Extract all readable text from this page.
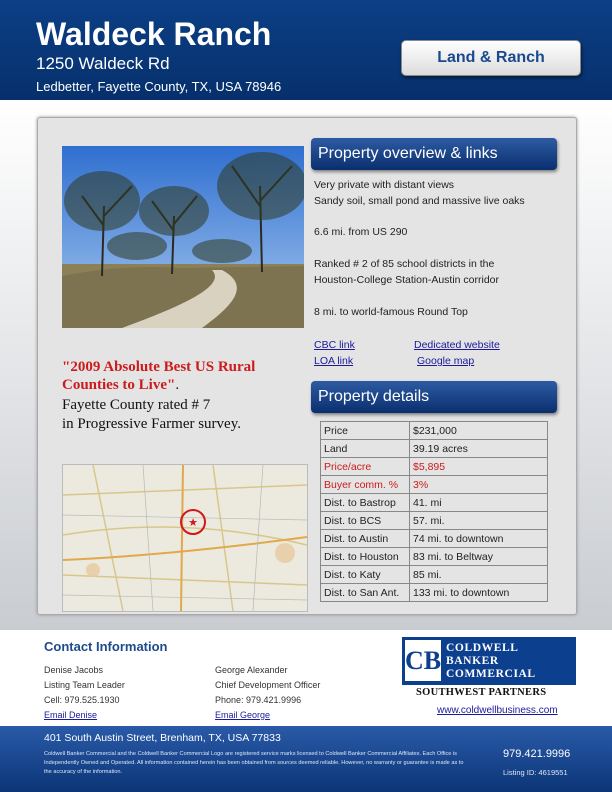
Waldeck Ranch
1250 Waldeck Rd
Ledbetter, Fayette County, TX, USA 78946
Land & Ranch
"2009 Absolute Best US Rural Counties to Live".
Fayette County rated # 7
in Progressive Farmer survey.
★
Property overview & links
Very private with distant views
Sandy soil, small pond and massive live oaks
6.6 mi. from US 290
Ranked # 2 of 85 school districts in the
Houston-College Station-Austin corridor
8 mi. to world-famous Round Top
CBC link	Dedicated website
LOA link	Google map
Property details
Price	$231,000
Land	39.19 acres
Price/acre	$5,895
Buyer comm. %	3%
Dist. to Bastrop	41. mi
Dist. to BCS	57. mi.
Dist. to Austin	74 mi. to downtown
Dist. to Houston	83 mi. to Beltway
Dist. to Katy	85 mi.
Dist. to San Ant.	133 mi. to downtown
Contact Information
Denise Jacobs
Listing Team Leader
Cell: 979.525.1930
Email Denise
George Alexander
Chief Development Officer
Phone: 979.421.9996
Email George
CB COLDWELL
BANKER
COMMERCIAL
SOUTHWEST PARTNERS
www.coldwellbusiness.com
401 South Austin Street, Brenham, TX, USA 77833
Coldwell Banker Commercial and the Coldwell Banker Commercial Logo are registered service marks licensed to Coldwell Banker Commercial Affiliates. Each Office is Independently Owned and Operated. All information contained herein has been obtained from sources deemed reliable. However, no warranty or guarantee is made as to the accuracy of the information.
979.421.9996
Listing ID: 4619551
